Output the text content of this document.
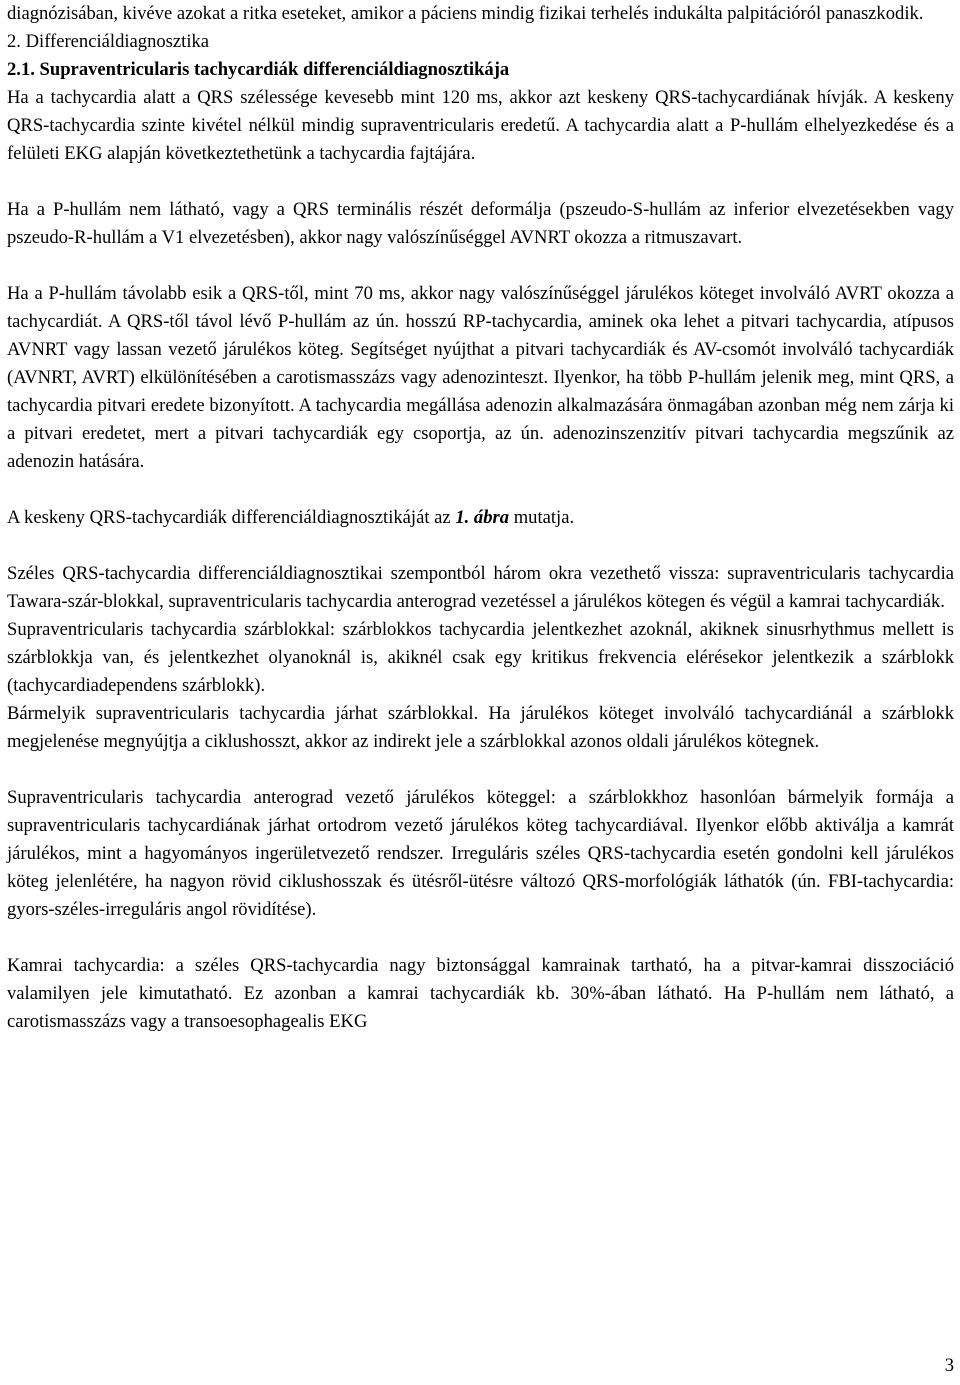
diagnózisában, kivéve azokat a ritka eseteket, amikor a páciens mindig fizikai terhelés indukálta palpitációról panaszkodik.

2. Differenciáldiagnosztika

2.1. Supraventricularis tachycardiák differenciáldiagnosztikája

Ha a tachycardia alatt a QRS szélessége kevesebb mint 120 ms, akkor azt keskeny QRS-tachycardiának hívják. A keskeny QRS-tachycardia szinte kivétel nélkül mindig supraventricularis eredetű. A tachycardia alatt a P-hullám elhelyezkedése és a felületi EKG alapján következtethetünk a tachycardia fajtájára.

Ha a P-hullám nem látható, vagy a QRS terminális részét deformálja (pszeudo-S-hullám az inferior elvezetésekben vagy pszeudo-R-hullám a V1 elvezetésben), akkor nagy valószínűséggel AVNRT okozza a ritmuszavart.

Ha a P-hullám távolabb esik a QRS-től, mint 70 ms, akkor nagy valószínűséggel járulékos köteget involváló AVRT okozza a tachycardiát. A QRS-től távol lévő P-hullám az ún. hosszú RP-tachycardia, aminek oka lehet a pitvari tachycardia, atípusos AVNRT vagy lassan vezető járulékos köteg. Segítséget nyújthat a pitvari tachycardiák és AV-csomót involváló tachycardiák (AVNRT, AVRT) elkülönítésében a carotismasszázs vagy adenozinteszt. Ilyenkor, ha több P-hullám jelenik meg, mint QRS, a tachycardia pitvari eredete bizonyított. A tachycardia megállása adenozin alkalmazására önmagában azonban még nem zárja ki a pitvari eredetet, mert a pitvari tachycardiák egy csoportja, az ún. adenozinszenzitív pitvari tachycardia megszűnik az adenozin hatására.

A keskeny QRS-tachycardiák differenciáldiagnosztikáját az 1. ábra mutatja.

Széles QRS-tachycardia differenciáldiagnosztikai szempontból három okra vezethető vissza: supraventricularis tachycardia Tawara-szár-blokkal, supraventricularis tachycardia anterograd vezetéssel a járulékos kötegen és végül a kamrai tachycardiák.

Supraventricularis tachycardia szárblokkal: szárblokkos tachycardia jelentkezhet azoknál, akiknek sinusrhythmus mellett is szárblokkja van, és jelentkezhet olyanoknál is, akiknél csak egy kritikus frekvencia elérésekor jelentkezik a szárblokk (tachycardiadependens szárblokk).

Bármelyik supraventricularis tachycardia járhat szárblokkal. Ha járulékos köteget involváló tachycardiánál a szárblokk megjelenése megnyújtja a ciklushosszt, akkor az indirekt jele a szárblokkal azonos oldali járulékos kötegnek.

Supraventricularis tachycardia anterograd vezető járulékos köteggel: a szárblokkhoz hasonlóan bármelyik formája a supraventricularis tachycardiának járhat ortodrom vezető járulékos köteg tachycardiával. Ilyenkor előbb aktiválja a kamrát járulékos, mint a hagyományos ingerületvezető rendszer. Irreguláris széles QRS-tachycardia esetén gondolni kell járulékos köteg jelenlétére, ha nagyon rövid ciklushosszak és ütésről-ütésre változó QRS-morfológiák láthatók (ún. FBI-tachycardia: gyors-széles-irreguláris angol rövidítése).

Kamrai tachycardia: a széles QRS-tachycardia nagy biztonsággal kamrainak tartható, ha a pitvar-kamrai disszociáció valamilyen jele kimutatható. Ez azonban a kamrai tachycardiák kb. 30%-ában látható. Ha P-hullám nem látható, a carotismasszázs vagy a transoesophagealis EKG

3
